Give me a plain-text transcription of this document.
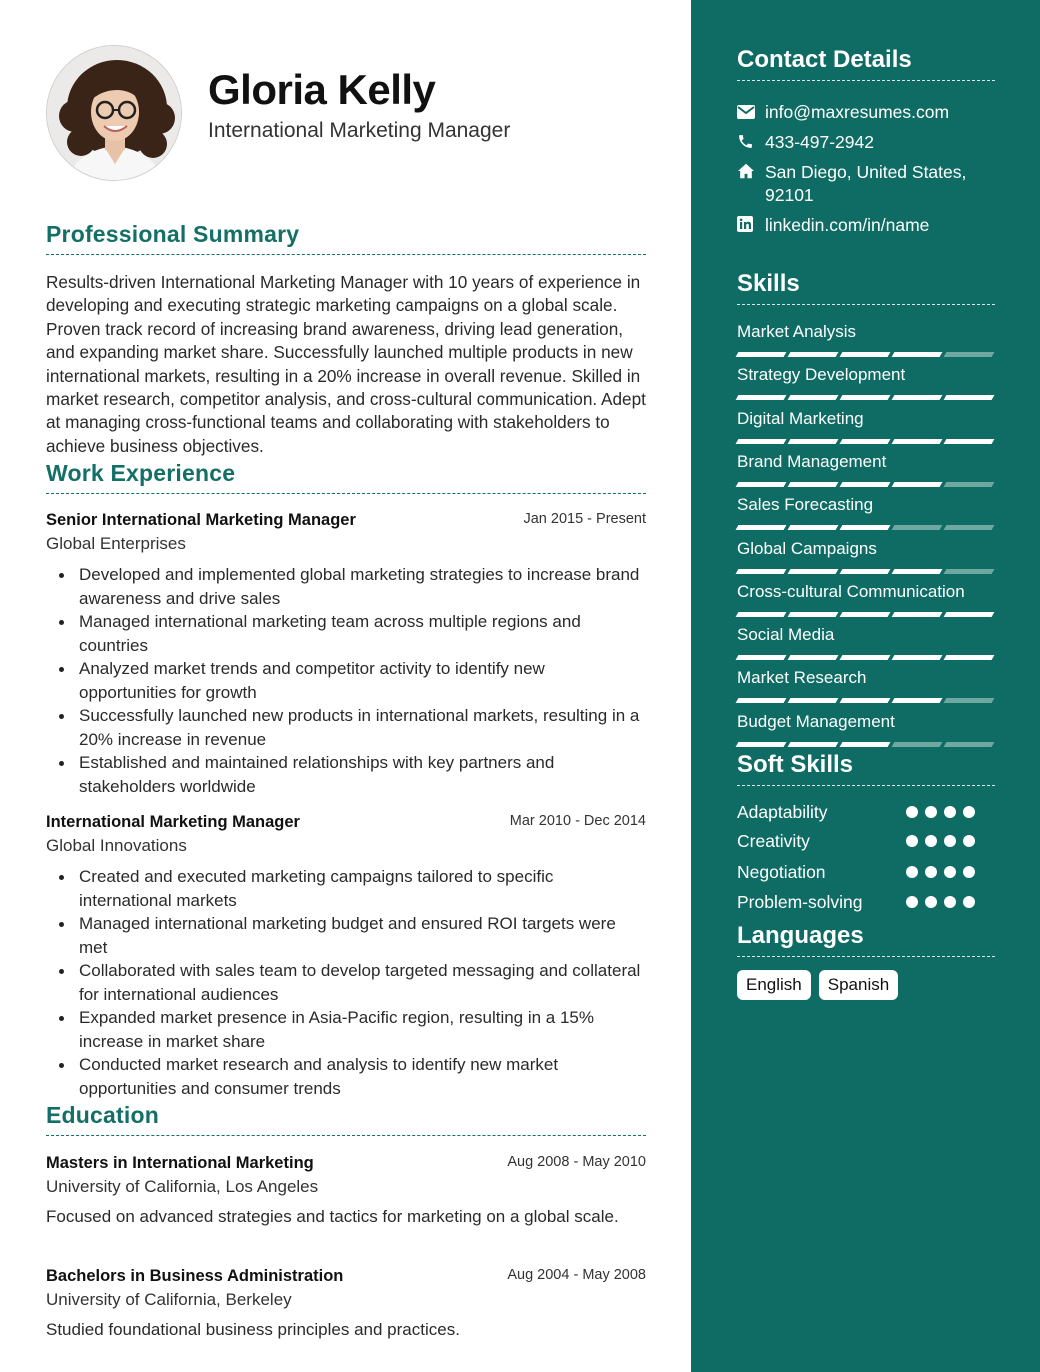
Gloria Kelly
International Marketing Manager
Professional Summary
Results-driven International Marketing Manager with 10 years of experience in developing and executing strategic marketing campaigns on a global scale. Proven track record of increasing brand awareness, driving lead generation, and expanding market share. Successfully launched multiple products in new international markets, resulting in a 20% increase in overall revenue. Skilled in market research, competitor analysis, and cross-cultural communication. Adept at managing cross-functional teams and collaborating with stakeholders to achieve business objectives.
Work Experience
Senior International Marketing Manager	Jan 2015 - Present
Global Enterprises
Developed and implemented global marketing strategies to increase brand awareness and drive sales
Managed international marketing team across multiple regions and countries
Analyzed market trends and competitor activity to identify new opportunities for growth
Successfully launched new products in international markets, resulting in a 20% increase in revenue
Established and maintained relationships with key partners and stakeholders worldwide
International Marketing Manager	Mar 2010 - Dec 2014
Global Innovations
Created and executed marketing campaigns tailored to specific international markets
Managed international marketing budget and ensured ROI targets were met
Collaborated with sales team to develop targeted messaging and collateral for international audiences
Expanded market presence in Asia-Pacific region, resulting in a 15% increase in market share
Conducted market research and analysis to identify new market opportunities and consumer trends
Education
Masters in International Marketing	Aug 2008 - May 2010
University of California, Los Angeles
Focused on advanced strategies and tactics for marketing on a global scale.
Bachelors in Business Administration	Aug 2004 - May 2008
University of California, Berkeley
Studied foundational business principles and practices.
Contact Details
info@maxresumes.com
433-497-2942
San Diego, United States, 92101
linkedin.com/in/name
Skills
Market Analysis
Strategy Development
Digital Marketing
Brand Management
Sales Forecasting
Global Campaigns
Cross-cultural Communication
Social Media
Market Research
Budget Management
Soft Skills
Adaptability
Creativity
Negotiation
Problem-solving
Languages
English	Spanish
